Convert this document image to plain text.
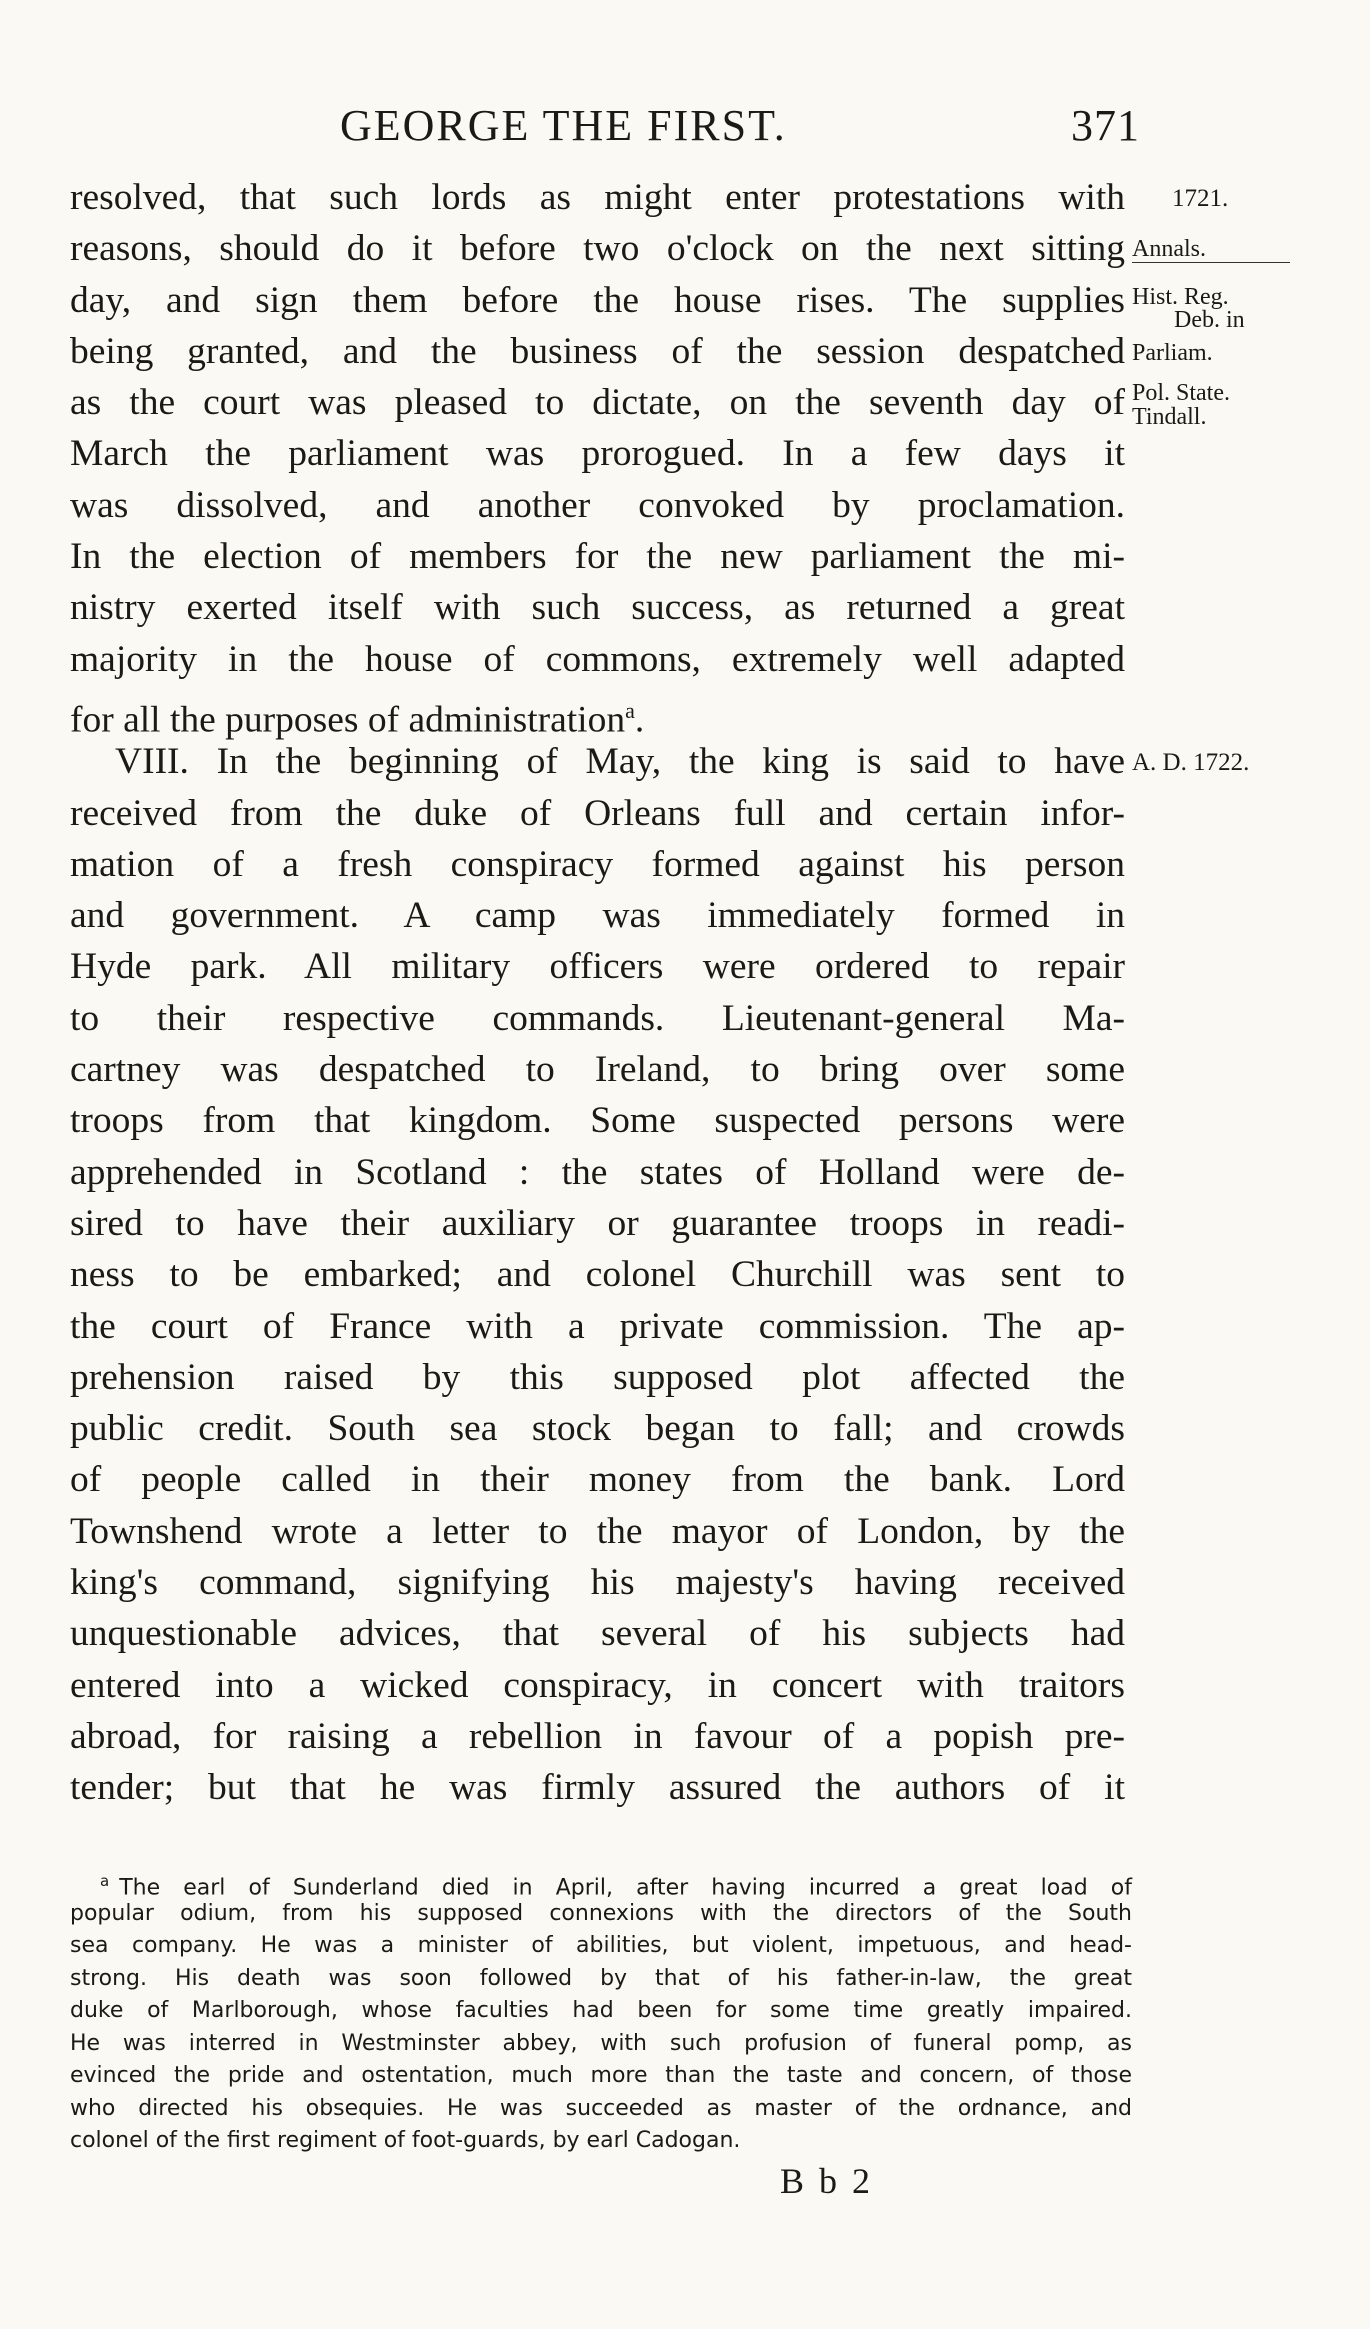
GEORGE THE FIRST.	371
resolved, that such lords as might enter protestations with
reasons, should do it before two o'clock on the next sitting
day, and sign them before the house rises. The supplies
being granted, and the business of the session despatched
as the court was pleased to dictate, on the seventh day of
March the parliament was prorogued. In a few days it
was dissolved, and another convoked by proclamation.
In the election of members for the new parliament the mi-
nistry exerted itself with such success, as returned a great
majority in the house of commons, extremely well adapted
for all the purposes of administration$^a$.
VIII. In the beginning of May, the king is said to have
received from the duke of Orleans full and certain infor-
mation of a fresh conspiracy formed against his person
and government. A camp was immediately formed in
Hyde park. All military officers were ordered to repair
to their respective commands. Lieutenant-general Ma-
cartney was despatched to Ireland, to bring over some
troops from that kingdom. Some suspected persons were
apprehended in Scotland : the states of Holland were de-
sired to have their auxiliary or guarantee troops in readi-
ness to be embarked; and colonel Churchill was sent to
the court of France with a private commission. The ap-
prehension raised by this supposed plot affected the
public credit. South sea stock began to fall; and crowds
of people called in their money from the bank. Lord
Townshend wrote a letter to the mayor of London, by the
king's command, signifying his majesty's having received
unquestionable advices, that several of his subjects had
entered into a wicked conspiracy, in concert with traitors
abroad, for raising a rebellion in favour of a popish pre-
tender; but that he was firmly assured the authors of it
1721.
Annals.
Hist. Reg.
Deb. in
Parliam.
Pol. State.
Tindall.
A. D. 1722.
$^a$ The earl of Sunderland died in April, after having incurred a great load of
popular odium, from his supposed connexions with the directors of the South
sea company. He was a minister of abilities, but violent, impetuous, and head-
strong. His death was soon followed by that of his father-in-law, the great
duke of Marlborough, whose faculties had been for some time greatly impaired.
He was interred in Westminster abbey, with such profusion of funeral pomp, as
evinced the pride and ostentation, much more than the taste and concern, of those
who directed his obsequies. He was succeeded as master of the ordnance, and
colonel of the first regiment of foot-guards, by earl Cadogan.
B b 2
